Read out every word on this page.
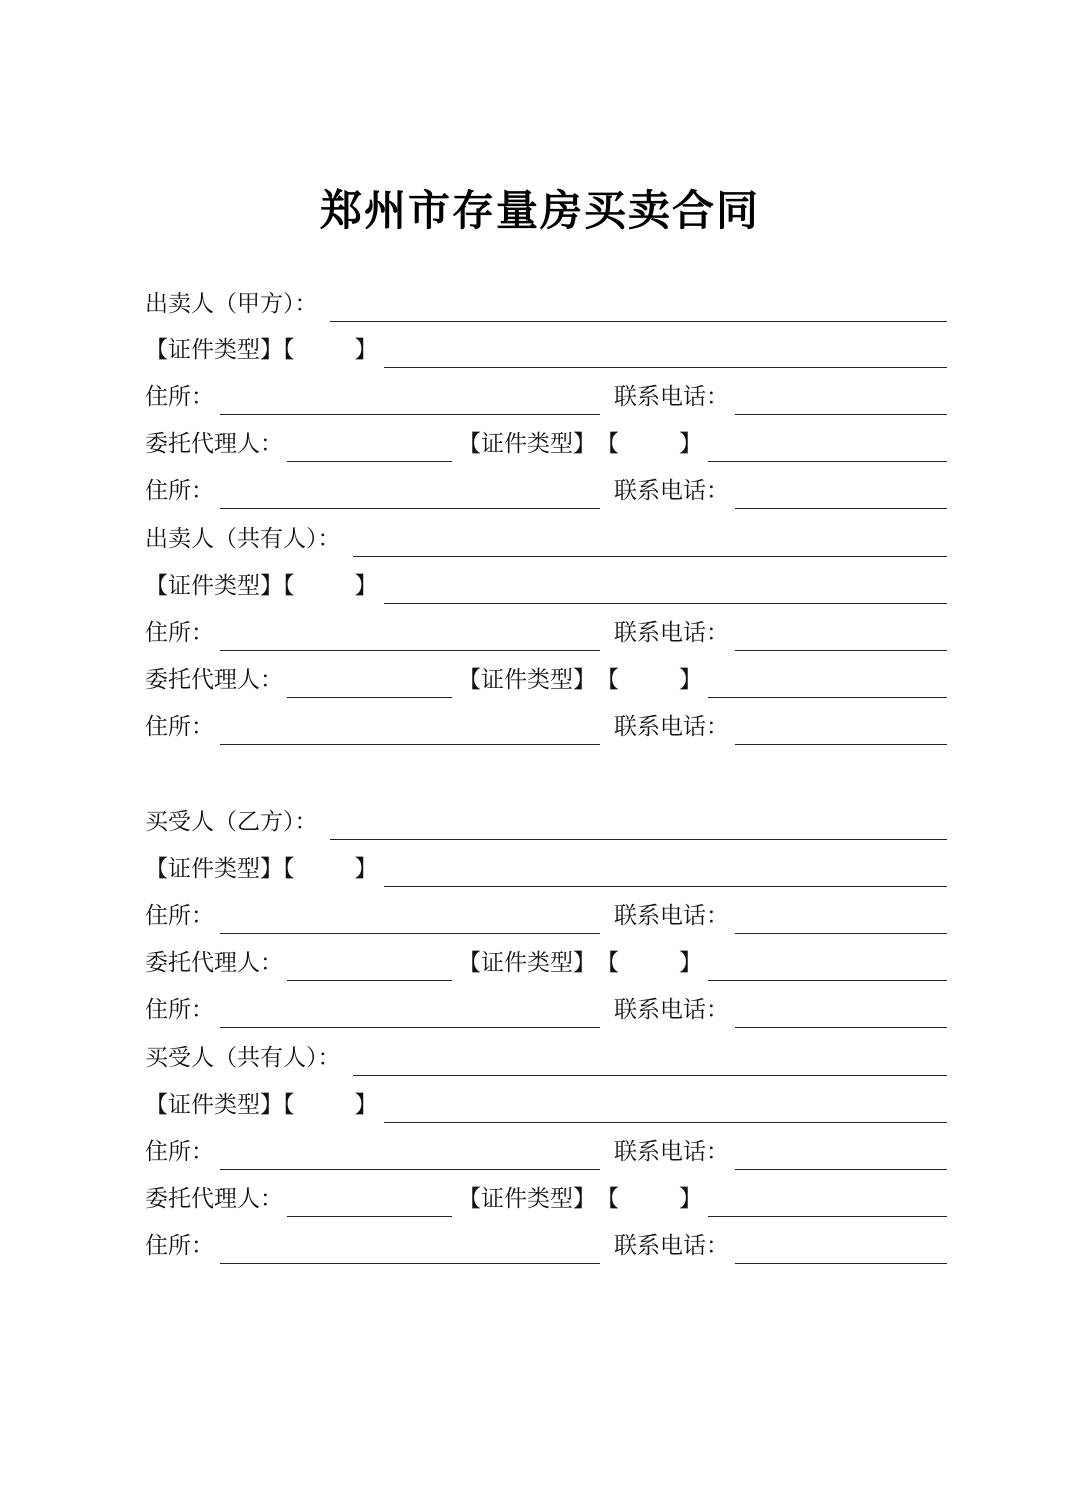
郑州市存量房买卖合同
出卖人（甲方）：
【证件类型】【	】
住所：	联系电话：
委托代理人：	【证件类型】 【	】
住所：	联系电话：
出卖人（共有人）：
【证件类型】【	】
住所：	联系电话：
委托代理人：	【证件类型】 【	】
住所：	联系电话：
买受人（乙方）：
【证件类型】【	】
住所：	联系电话：
委托代理人：	【证件类型】 【	】
住所：	联系电话：
买受人（共有人）：
【证件类型】【	】
住所：	联系电话：
委托代理人：	【证件类型】 【	】
住所：	联系电话：
